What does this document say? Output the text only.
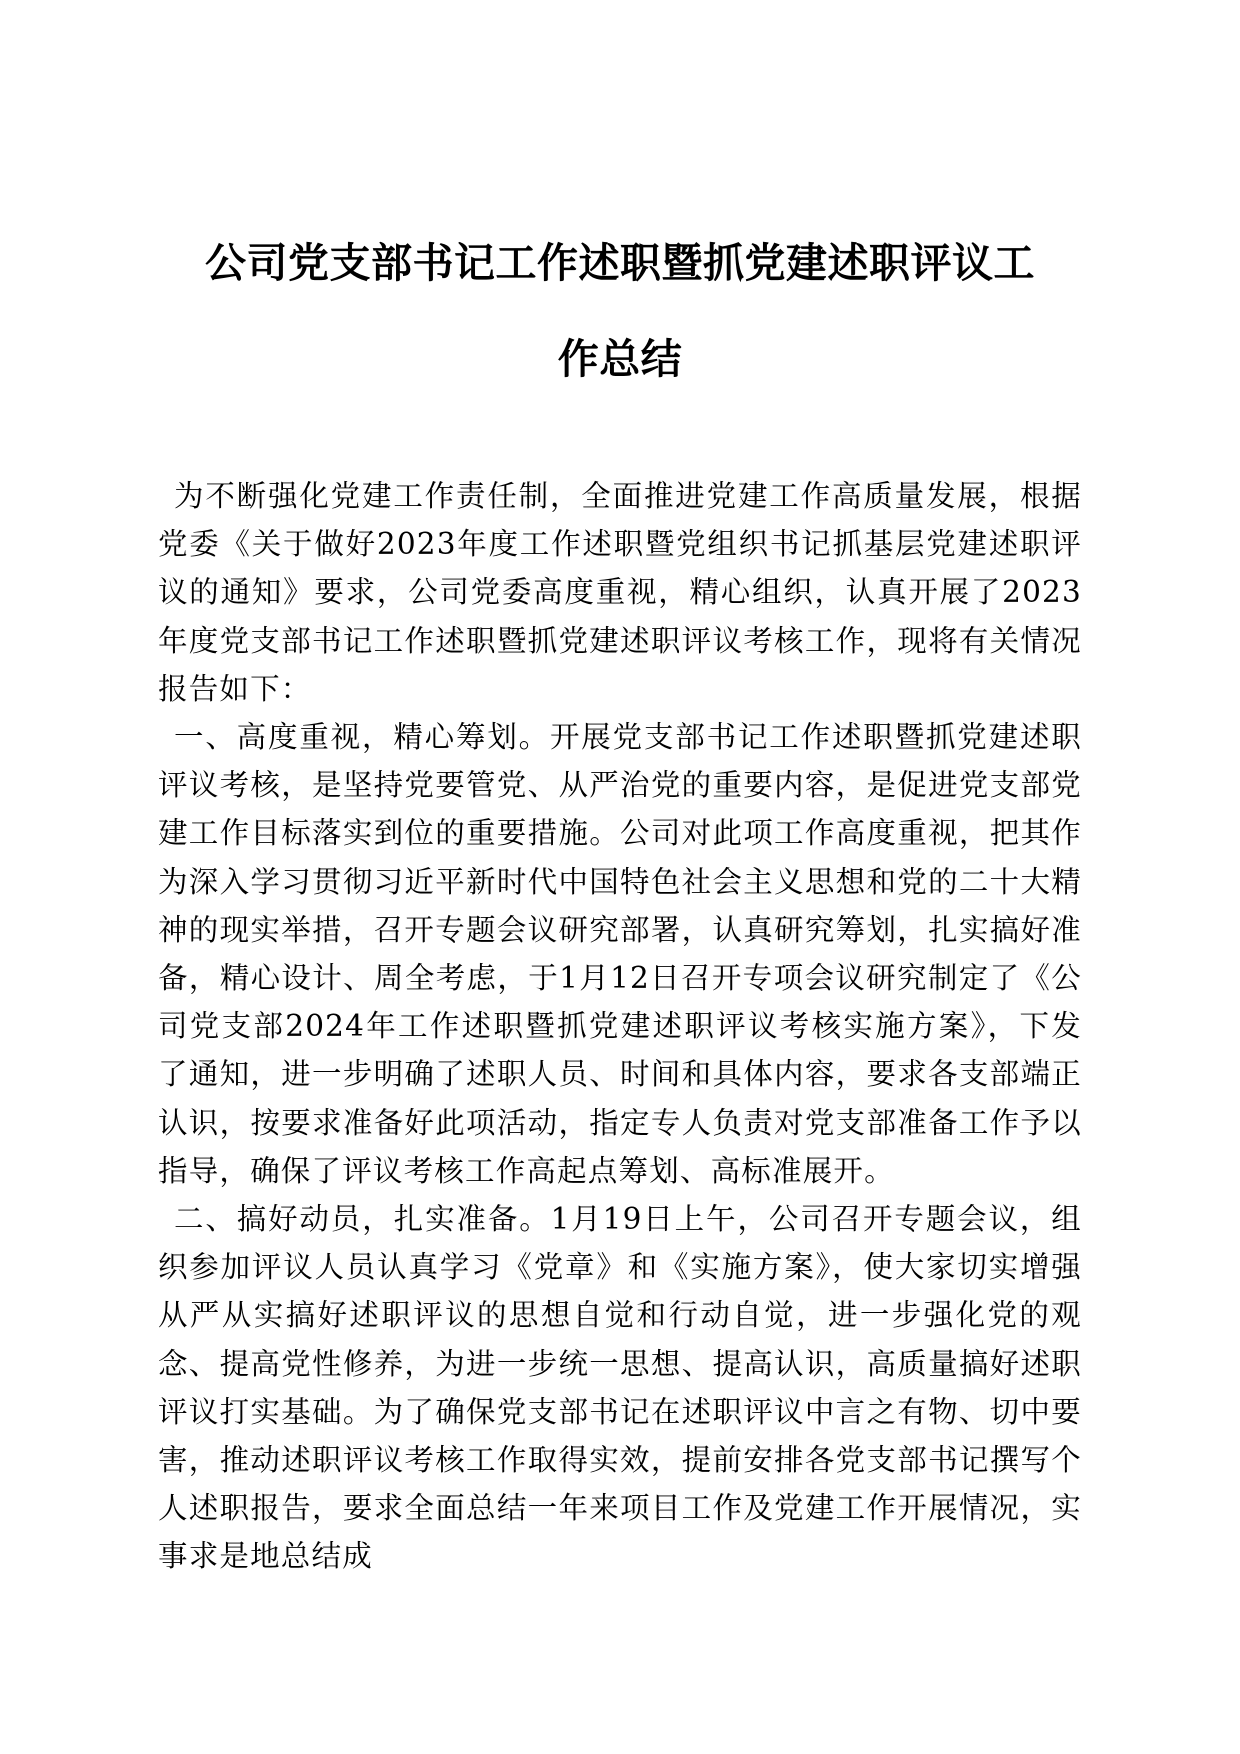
公司党支部书记工作述职暨抓党建述职评议工
作总结

为不断强化党建工作责任制，全面推进党建工作高质量发展，根据党委《关于做好2023年度工作述职暨党组织书记抓基层党建述职评议的通知》要求，公司党委高度重视，精心组织，认真开展了2023年度党支部书记工作述职暨抓党建述职评议考核工作，现将有关情况报告如下：

一、高度重视，精心筹划。开展党支部书记工作述职暨抓党建述职评议考核，是坚持党要管党、从严治党的重要内容，是促进党支部党建工作目标落实到位的重要措施。公司对此项工作高度重视，把其作为深入学习贯彻习近平新时代中国特色社会主义思想和党的二十大精神的现实举措，召开专题会议研究部署，认真研究筹划，扎实搞好准备，精心设计、周全考虑，于1月12日召开专项会议研究制定了《公司党支部2024年工作述职暨抓党建述职评议考核实施方案》，下发了通知，进一步明确了述职人员、时间和具体内容，要求各支部端正认识，按要求准备好此项活动，指定专人负责对党支部准备工作予以指导，确保了评议考核工作高起点筹划、高标准展开。

二、搞好动员，扎实准备。1月19日上午，公司召开专题会议，组织参加评议人员认真学习《党章》和《实施方案》，使大家切实增强从严从实搞好述职评议的思想自觉和行动自觉，进一步强化党的观念、提高党性修养，为进一步统一思想、提高认识，高质量搞好述职评议打实基础。为了确保党支部书记在述职评议中言之有物、切中要害，推动述职评议考核工作取得实效，提前安排各党支部书记撰写个人述职报告，要求全面总结一年来项目工作及党建工作开展情况，实事求是地总结成
